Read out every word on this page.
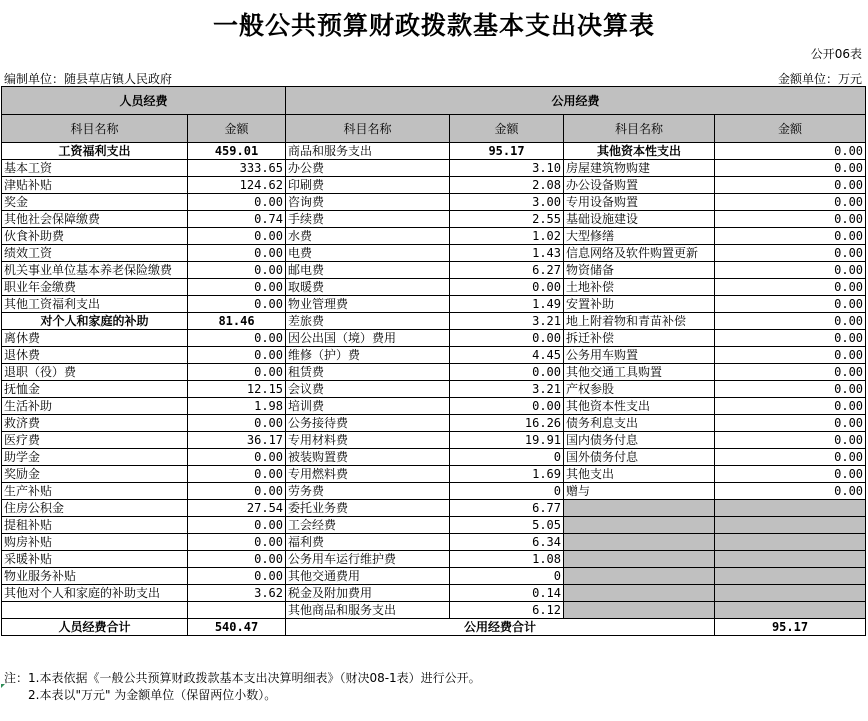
一般公共预算财政拨款基本支出决算表
公开06表
编制单位：随县草店镇人民政府	金额单位：万元
人员经费		公用经费			
科目名称	金额	科目名称	金额	科目名称	金额
工资福利支出	459.01	商品和服务支出	95.17	其他资本性支出	0.00
基本工资	333.65	办公费	3.10	房屋建筑物购建	0.00
津贴补贴	124.62	印刷费	2.08	办公设备购置	0.00
奖金	0.00	咨询费	3.00	专用设备购置	0.00
其他社会保障缴费	0.74	手续费	2.55	基础设施建设	0.00
伙食补助费	0.00	水费	1.02	大型修缮	0.00
绩效工资	0.00	电费	1.43	信息网络及软件购置更新	0.00
机关事业单位基本养老保险缴费	0.00	邮电费	6.27	物资储备	0.00
职业年金缴费	0.00	取暖费	0.00	土地补偿	0.00
其他工资福利支出	0.00	物业管理费	1.49	安置补助	0.00
对个人和家庭的补助	81.46	差旅费	3.21	地上附着物和青苗补偿	0.00
离休费	0.00	因公出国（境）费用	0.00	拆迁补偿	0.00
退休费	0.00	维修（护）费	4.45	公务用车购置	0.00
退职（役）费	0.00	租赁费	0.00	其他交通工具购置	0.00
抚恤金	12.15	会议费	3.21	产权参股	0.00
生活补助	1.98	培训费	0.00	其他资本性支出	0.00
救济费	0.00	公务接待费	16.26	债务利息支出	0.00
医疗费	36.17	专用材料费	19.91	国内债务付息	0.00
助学金	0.00	被装购置费	0	国外债务付息	0.00
奖励金	0.00	专用燃料费	1.69	其他支出	0.00
生产补贴	0.00	劳务费	0	赠与	0.00
住房公积金	27.54	委托业务费	6.77		
提租补贴	0.00	工会经费	5.05		
购房补贴	0.00	福利费	6.34		
采暖补贴	0.00	公务用车运行维护费	1.08		
物业服务补贴	0.00	其他交通费用	0		
其他对个人和家庭的补助支出	3.62	税金及附加费用	0.14		
		其他商品和服务支出	6.12		
人员经费合计	540.47	公用经费合计			95.17
注：1.本表依据《一般公共预算财政拨款基本支出决算明细表》（财决08-1表）进行公开。
2.本表以"万元" 为金额单位（保留两位小数）。
